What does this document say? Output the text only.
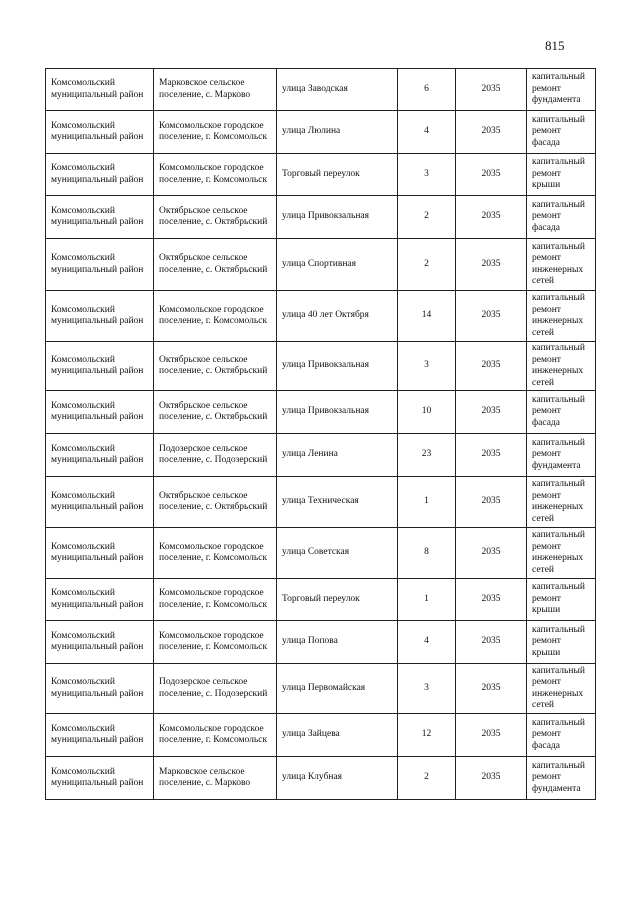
815
Комсомольский муниципальный район	Марковское сельское поселение, с. Марково	улица Заводская	6	2035	капитальный ремонт фундамента
Комсомольский муниципальный район	Комсомольское городское поселение, г. Комсомольск	улица Люлина	4	2035	капитальный ремонт фасада
Комсомольский муниципальный район	Комсомольское городское поселение, г. Комсомольск	Торговый переулок	3	2035	капитальный ремонт крыши
Комсомольский муниципальный район	Октябрьское сельское поселение, с. Октябрьский	улица Привокзальная	2	2035	капитальный ремонт фасада
Комсомольский муниципальный район	Октябрьское сельское поселение, с. Октябрьский	улица Спортивная	2	2035	капитальный ремонт инженерных сетей
Комсомольский муниципальный район	Комсомольское городское поселение, г. Комсомольск	улица 40 лет Октября	14	2035	капитальный ремонт инженерных сетей
Комсомольский муниципальный район	Октябрьское сельское поселение, с. Октябрьский	улица Привокзальная	3	2035	капитальный ремонт инженерных сетей
Комсомольский муниципальный район	Октябрьское сельское поселение, с. Октябрьский	улица Привокзальная	10	2035	капитальный ремонт фасада
Комсомольский муниципальный район	Подозерское сельское поселение, с. Подозерский	улица Ленина	23	2035	капитальный ремонт фундамента
Комсомольский муниципальный район	Октябрьское сельское поселение, с. Октябрьский	улица Техническая	1	2035	капитальный ремонт инженерных сетей
Комсомольский муниципальный район	Комсомольское городское поселение, г. Комсомольск	улица Советская	8	2035	капитальный ремонт инженерных сетей
Комсомольский муниципальный район	Комсомольское городское поселение, г. Комсомольск	Торговый переулок	1	2035	капитальный ремонт крыши
Комсомольский муниципальный район	Комсомольское городское поселение, г. Комсомольск	улица Попова	4	2035	капитальный ремонт крыши
Комсомольский муниципальный район	Подозерское сельское поселение, с. Подозерский	улица Первомайская	3	2035	капитальный ремонт инженерных сетей
Комсомольский муниципальный район	Комсомольское городское поселение, г. Комсомольск	улица Зайцева	12	2035	капитальный ремонт фасада
Комсомольский муниципальный район	Марковское сельское поселение, с. Марково	улица Клубная	2	2035	капитальный ремонт фундамента
